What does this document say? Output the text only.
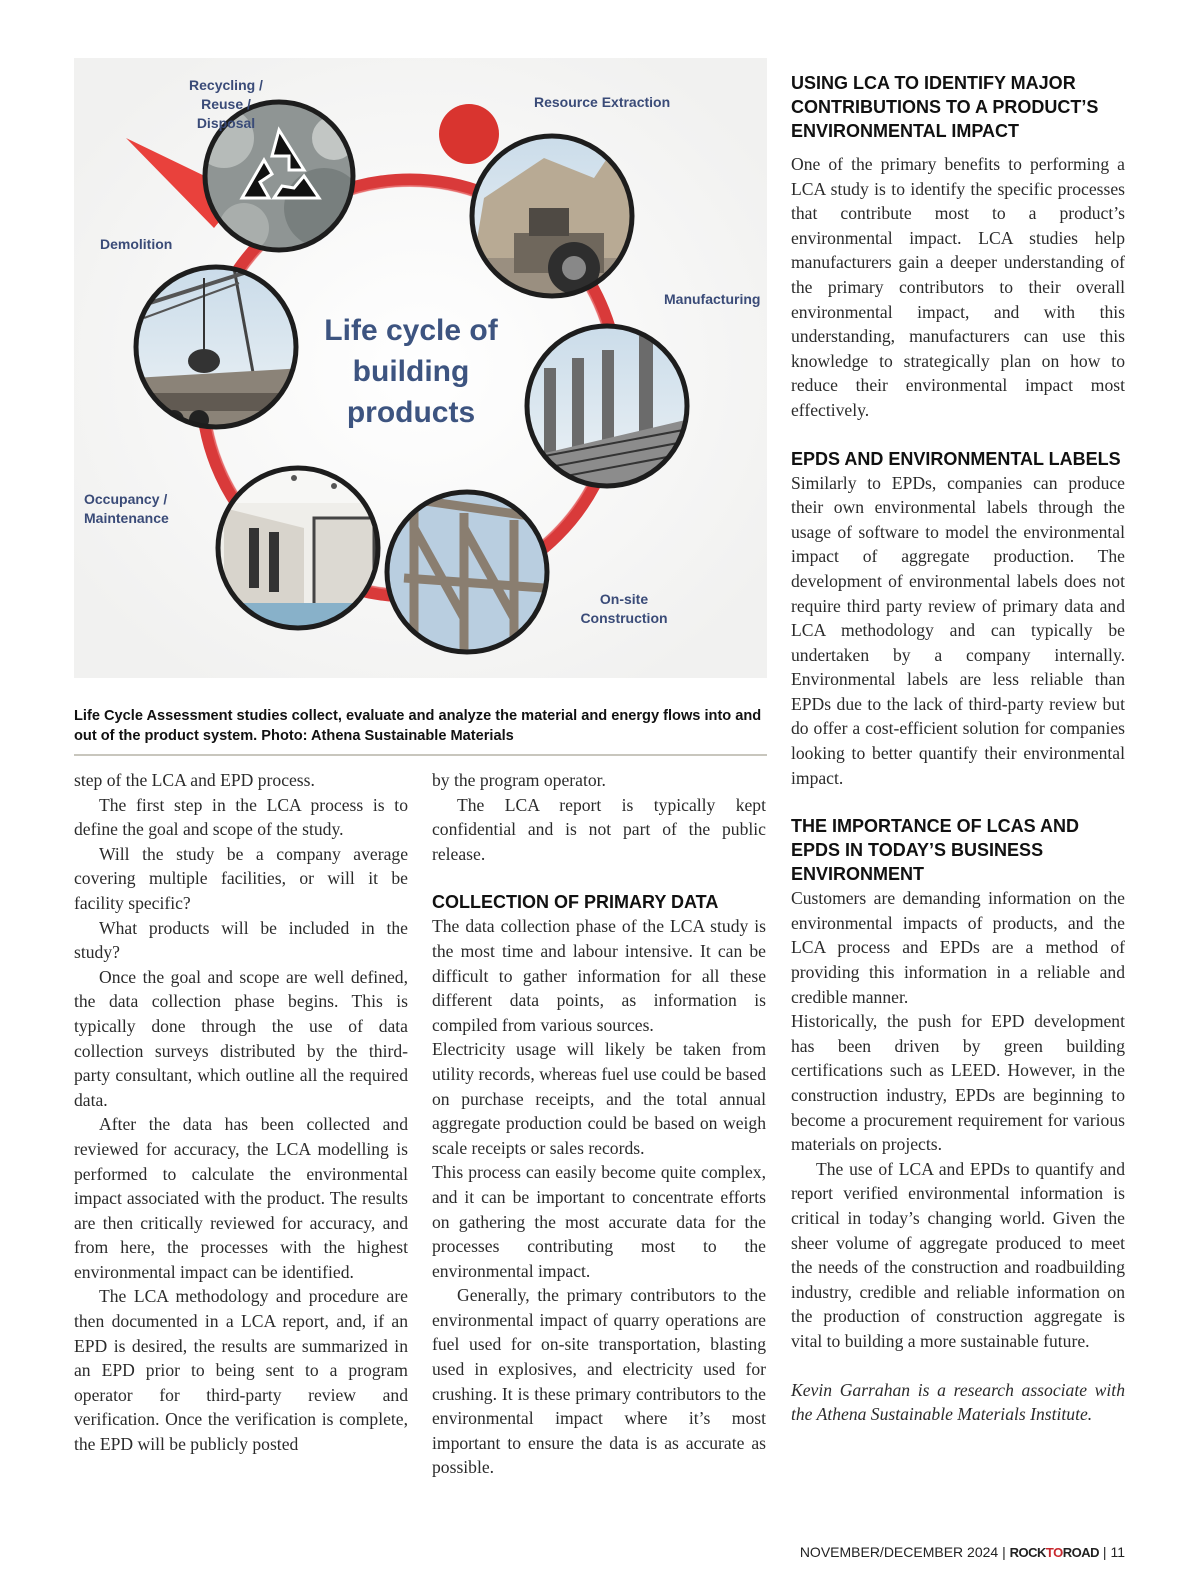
Recycling / Reuse / Disposal
Resource Extraction
Manufacturing
On-site Construction
Occupancy / Maintenance
Demolition
Life cycle of building products
Life Cycle Assessment studies collect, evaluate and analyze the material and energy flows into and out of the product system. Photo: Athena Sustainable Materials

step of the LCA and EPD process.

The first step in the LCA process is to define the goal and scope of the study.

Will the study be a company average covering multiple facilities, or will it be facility specific?

What products will be included in the study?

Once the goal and scope are well defined, the data collection phase begins. This is typically done through the use of data collection surveys distributed by the third-party consultant, which outline all the required data.

After the data has been collected and reviewed for accuracy, the LCA modelling is performed to calculate the environmental impact associated with the product. The results are then critically reviewed for accuracy, and from here, the processes with the highest environmental impact can be identified.

The LCA methodology and procedure are then documented in a LCA report, and, if an EPD is desired, the results are summarized in an EPD prior to being sent to a program operator for third-party review and verification. Once the verification is complete, the EPD will be publicly posted

by the program operator.

The LCA report is typically kept confidential and is not part of the public release.

COLLECTION OF PRIMARY DATA

The data collection phase of the LCA study is the most time and labour intensive. It can be difficult to gather information for all these different data points, as information is compiled from various sources.

Electricity usage will likely be taken from utility records, whereas fuel use could be based on purchase receipts, and the total annual aggregate production could be based on weigh scale receipts or sales records.

This process can easily become quite complex, and it can be important to concentrate efforts on gathering the most accurate data for the processes contributing most to the environmental impact.

Generally, the primary contributors to the environmental impact of quarry operations are fuel used for on-site transportation, blasting used in explosives, and electricity used for crushing. It is these primary contributors to the environmental impact where it’s most important to ensure the data is as accurate as possible.

USING LCA TO IDENTIFY MAJOR CONTRIBUTIONS TO A PRODUCT’S ENVIRONMENTAL IMPACT

One of the primary benefits to performing a LCA study is to identify the specific processes that contribute most to a product’s environmental impact. LCA studies help manufacturers gain a deeper understanding of the primary contributors to their overall environmental impact, and with this understanding, manufacturers can use this knowledge to strategically plan on how to reduce their environmental impact most effectively.

EPDS AND ENVIRONMENTAL LABELS

Similarly to EPDs, companies can produce their own environmental labels through the usage of software to model the environmental impact of aggregate production. The development of environmental labels does not require third party review of primary data and LCA methodology and can typically be undertaken by a company internally. Environmental labels are less reliable than EPDs due to the lack of third-party review but do offer a cost-efficient solution for companies looking to better quantify their environmental impact.

THE IMPORTANCE OF LCAS AND EPDS IN TODAY’S BUSINESS ENVIRONMENT

Customers are demanding information on the environmental impacts of products, and the LCA process and EPDs are a method of providing this information in a reliable and credible manner.

Historically, the push for EPD development has been driven by green building certifications such as LEED. However, in the construction industry, EPDs are beginning to become a procurement requirement for various materials on projects.

The use of LCA and EPDs to quantify and report verified environmental information is critical in today’s changing world. Given the sheer volume of aggregate produced to meet the needs of the construction and roadbuilding industry, credible and reliable information on the production of construction aggregate is vital to building a more sustainable future.

Kevin Garrahan is a research associate with the Athena Sustainable Materials Institute.

NOVEMBER/DECEMBER 2024 | ROCKTOROAD | 11
